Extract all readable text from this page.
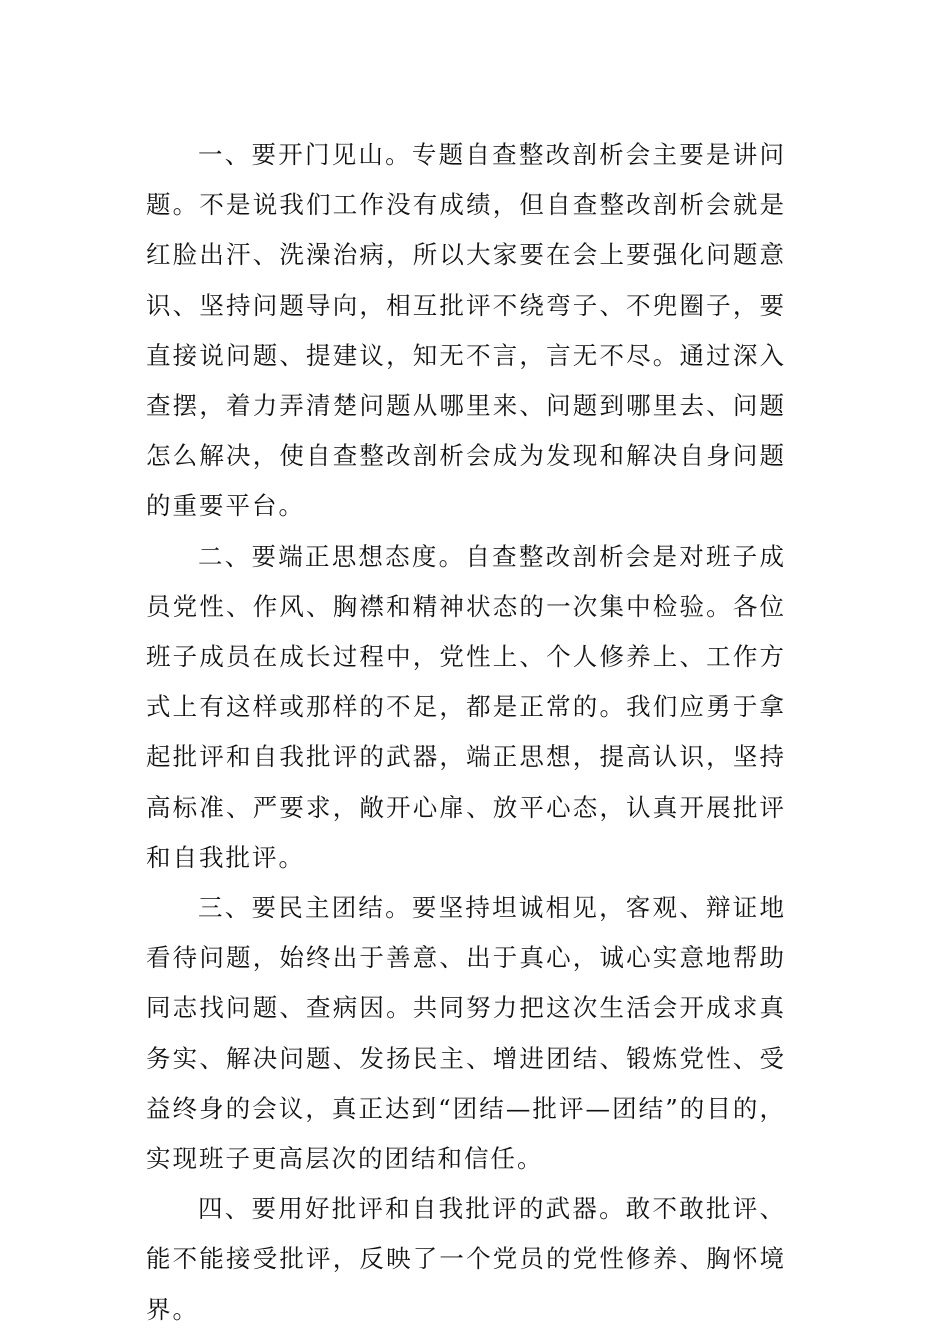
一、要开门见山。专题自查整改剖析会主要是讲问题。不是说我们工作没有成绩，但自查整改剖析会就是红脸出汗、洗澡治病，所以大家要在会上要强化问题意识、坚持问题导向，相互批评不绕弯子、不兜圈子，要直接说问题、提建议，知无不言，言无不尽。通过深入查摆，着力弄清楚问题从哪里来、问题到哪里去、问题怎么解决，使自查整改剖析会成为发现和解决自身问题的重要平台。

二、要端正思想态度。自查整改剖析会是对班子成员党性、作风、胸襟和精神状态的一次集中检验。各位班子成员在成长过程中，党性上、个人修养上、工作方式上有这样或那样的不足，都是正常的。我们应勇于拿起批评和自我批评的武器，端正思想，提高认识，坚持高标准、严要求，敞开心扉、放平心态，认真开展批评和自我批评。

三、要民主团结。要坚持坦诚相见，客观、辩证地看待问题，始终出于善意、出于真心，诚心实意地帮助同志找问题、查病因。共同努力把这次生活会开成求真务实、解决问题、发扬民主、增进团结、锻炼党性、受益终身的会议，真正达到“团结—批评—团结”的目的，实现班子更高层次的团结和信任。

四、要用好批评和自我批评的武器。敢不敢批评、能不能接受批评，反映了一个党员的党性修养、胸怀境界。
